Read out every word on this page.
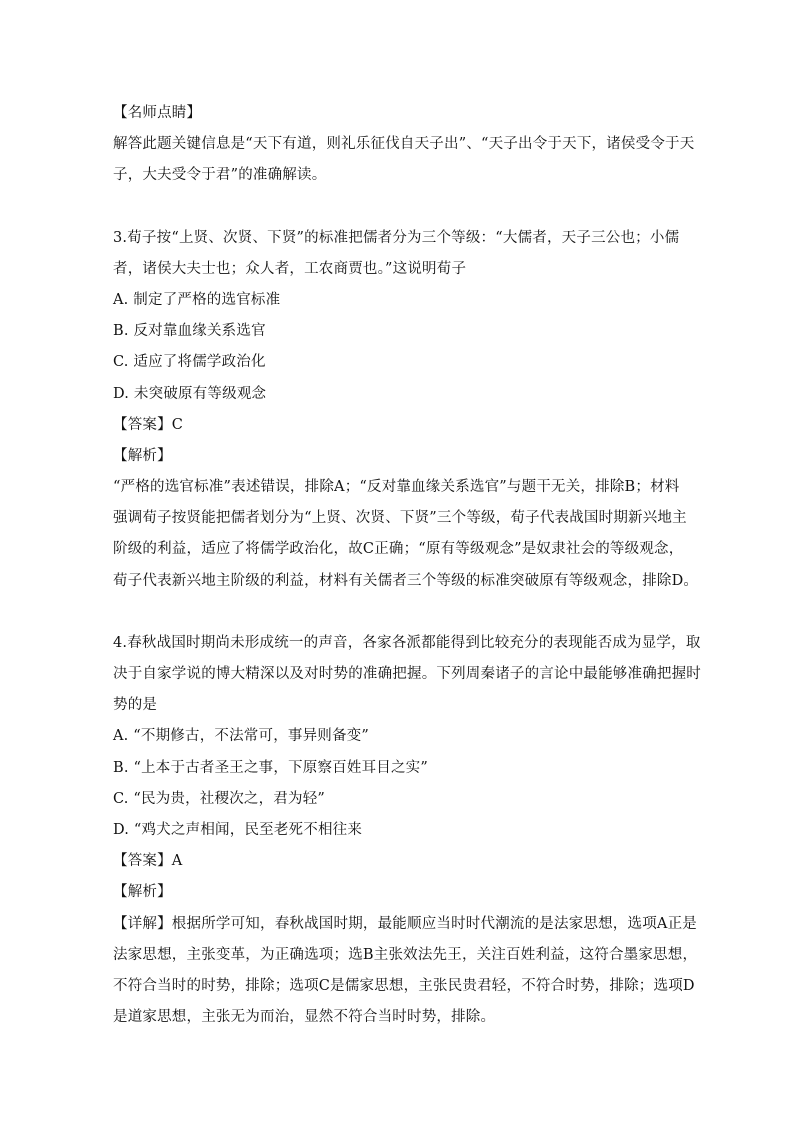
【名师点睛】
解答此题关键信息是“天下有道，则礼乐征伐自天子出”、“天子出令于天下，诸侯受令于天
子，大夫受令于君”的准确解读。
3.荀子按“上贤、次贤、下贤”的标准把儒者分为三个等级：“大儒者，天子三公也；小儒
者，诸侯大夫士也；众人者，工农商贾也。”这说明荀子
A. 制定了严格的选官标准
B. 反对靠血缘关系选官
C. 适应了将儒学政治化
D. 未突破原有等级观念
【答案】C
【解析】
“严格的选官标准”表述错误，排除A；“反对靠血缘关系选官”与题干无关，排除B；材料
强调荀子按贤能把儒者划分为“上贤、次贤、下贤”三个等级，荀子代表战国时期新兴地主
阶级的利益，适应了将儒学政治化，故C正确；“原有等级观念”是奴隶社会的等级观念，
荀子代表新兴地主阶级的利益，材料有关儒者三个等级的标准突破原有等级观念，排除D。
4.春秋战国时期尚未形成统一的声音，各家各派都能得到比较充分的表现能否成为显学，取
决于自家学说的博大精深以及对时势的准确把握。下列周秦诸子的言论中最能够准确把握时
势的是
A. “不期修古，不法常可，事异则备变”
B. “上本于古者圣王之事，下原察百姓耳目之实”
C. “民为贵，社稷次之，君为轻”
D. “鸡犬之声相闻，民至老死不相往来
【答案】A
【解析】
【详解】根据所学可知，春秋战国时期，最能顺应当时时代潮流的是法家思想，选项A正是
法家思想，主张变革，为正确选项；选B主张效法先王，关注百姓利益，这符合墨家思想，
不符合当时的时势，排除；选项C是儒家思想，主张民贵君轻，不符合时势，排除；选项D
是道家思想，主张无为而治，显然不符合当时时势，排除。
